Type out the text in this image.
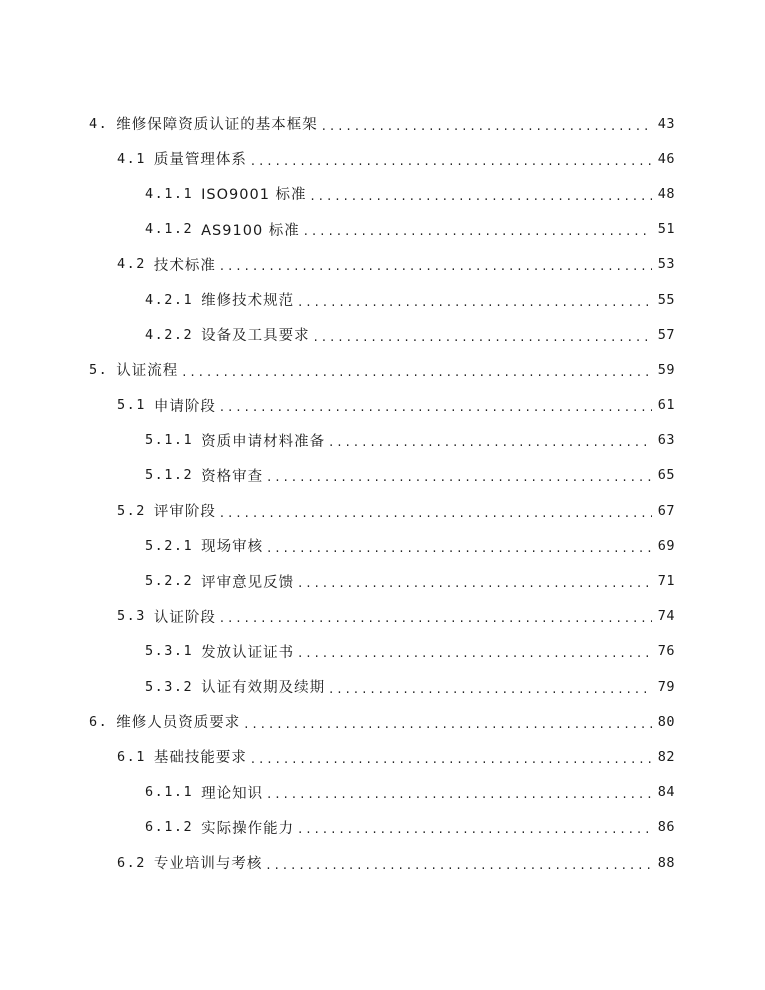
4. 维修保障资质认证的基本框架 . . .	43
4.1 质量管理体系 . . .	46
4.1.1 ISO9001 标准 . . .	48
4.1.2 AS9100 标准 . . .	51
4.2 技术标准 . . .	53
4.2.1 维修技术规范 . . .	55
4.2.2 设备及工具要求 . . .	57
5. 认证流程 . . .	59
5.1 申请阶段 . . .	61
5.1.1 资质申请材料准备 . . .	63
5.1.2 资格审查 . . .	65
5.2 评审阶段 . . .	67
5.2.1 现场审核 . . .	69
5.2.2 评审意见反馈 . . .	71
5.3 认证阶段 . . .	74
5.3.1 发放认证证书 . . .	76
5.3.2 认证有效期及续期 . . .	79
6. 维修人员资质要求 . . .	80
6.1 基础技能要求 . . .	82
6.1.1 理论知识 . . .	84
6.1.2 实际操作能力 . . .	86
6.2 专业培训与考核 . . .	88
